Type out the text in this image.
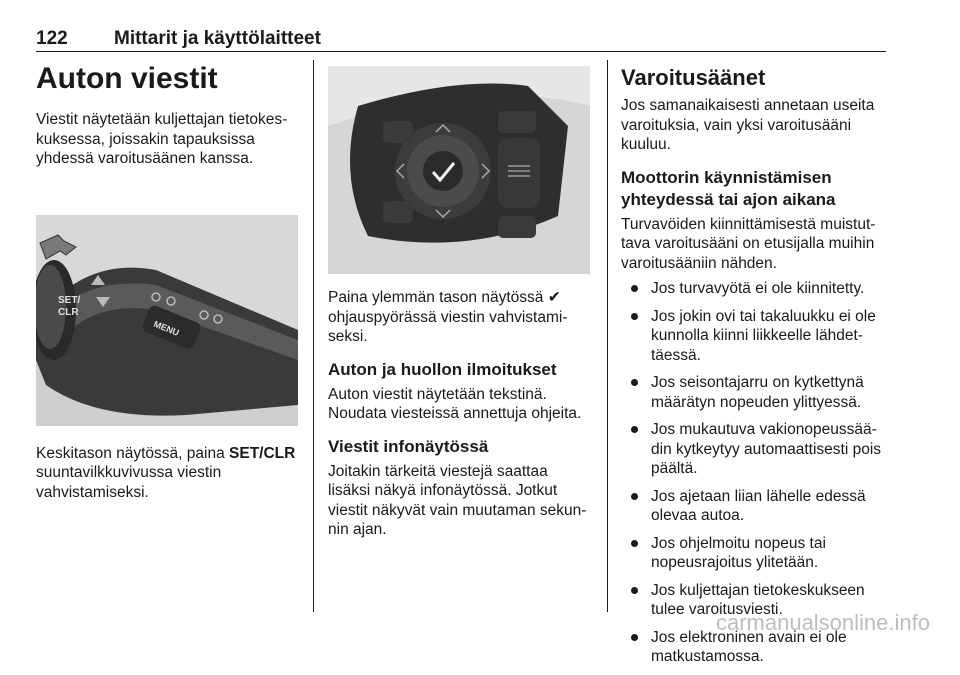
122 Mittarit ja käyttölaitteet
Auton viestit

Viestit näytetään kuljettajan tietokeskuksessa, joissakin tapauksissa yhdessä varoitusäänen kanssa.

SET/
CLR
MENU

Keskitason näytössä, paina SET/CLR suuntavilkkuvivussa viestin vahvistamiseksi.

Paina ylemmän tason näytössä ✔ ohjauspyörässä viestin vahvistamiseksi.

Auton ja huollon ilmoitukset

Auton viestit näytetään tekstinä. Noudata viesteissä annettuja ohjeita.

Viestit infonäytössä

Joitakin tärkeitä viestejä saattaa lisäksi näkyä infonäytössä. Jotkut viestit näkyvät vain muutaman sekunnin ajan.

Varoitusäänet

Jos samanaikaisesti annetaan useita varoituksia, vain yksi varoitusääni kuuluu.

Moottorin käynnistämisen yhteydessä tai ajon aikana

Turvavöiden kiinnittämisestä muistuttava varoitusääni on etusijalla muihin varoitusääniin nähden.

Jos turvavyötä ei ole kiinnitetty.
Jos jokin ovi tai takaluukku ei ole kunnolla kiinni liikkeelle lähdettäessä.
Jos seisontajarru on kytkettynä määrätyn nopeuden ylittyessä.
Jos mukautuva vakionopeussäädin kytkeytyy automaattisesti pois päältä.
Jos ajetaan liian lähelle edessä olevaa autoa.
Jos ohjelmoitu nopeus tai nopeusrajoitus ylitetään.
Jos kuljettajan tietokeskukseen tulee varoitusviesti.
Jos elektroninen avain ei ole matkustamossa.
carmanualsonline.info
